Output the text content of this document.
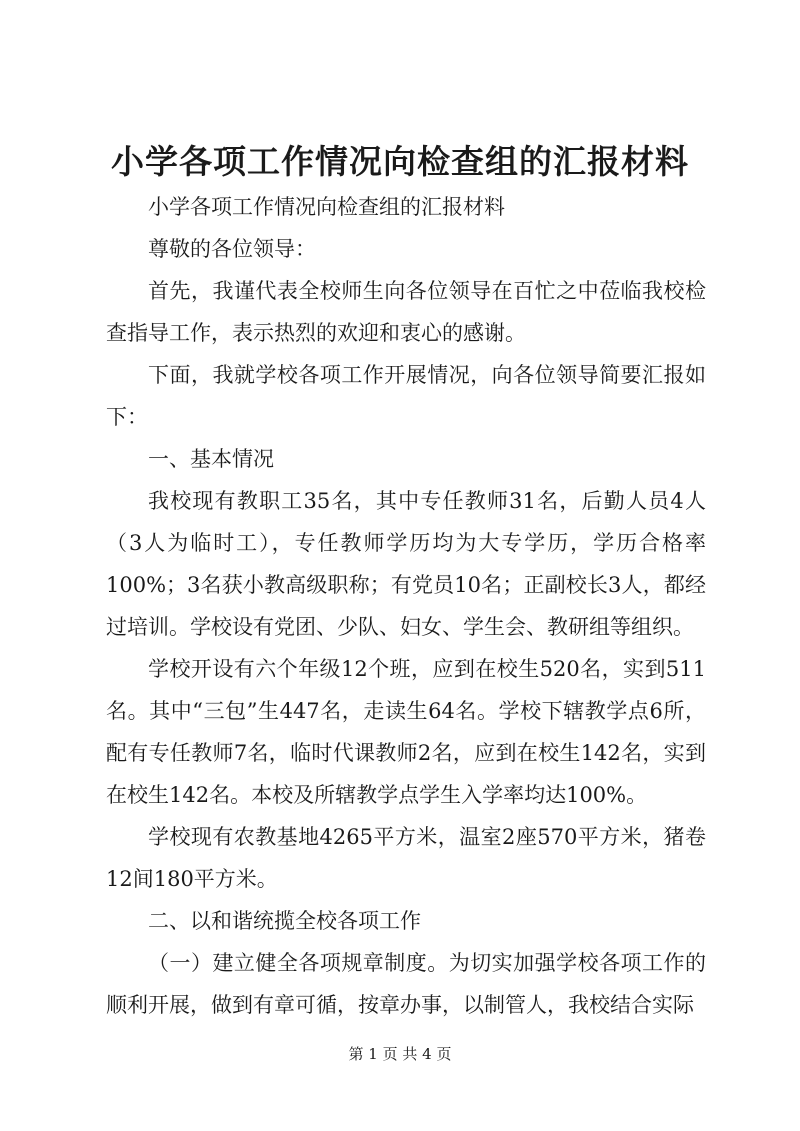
小学各项工作情况向检查组的汇报材料

小学各项工作情况向检查组的汇报材料

尊敬的各位领导：

首先，我谨代表全校师生向各位领导在百忙之中莅临我校检查指导工作，表示热烈的欢迎和衷心的感谢。

下面，我就学校各项工作开展情况，向各位领导简要汇报如下：

一、基本情况

我校现有教职工35名，其中专任教师31名，后勤人员4人（3人为临时工），专任教师学历均为大专学历，学历合格率100%；3名获小教高级职称；有党员10名；正副校长3人，都经过培训。学校设有党团、少队、妇女、学生会、教研组等组织。

学校开设有六个年级12个班，应到在校生520名，实到511名。其中“三包”生447名，走读生64名。学校下辖教学点6所，配有专任教师7名，临时代课教师2名，应到在校生142名，实到在校生142名。本校及所辖教学点学生入学率均达100%。

学校现有农教基地4265平方米，温室2座570平方米，猪卷12间180平方米。

二、以和谐统揽全校各项工作

（一）建立健全各项规章制度。为切实加强学校各项工作的顺利开展，做到有章可循，按章办事，以制管人，我校结合实际

第 1 页 共 4 页
